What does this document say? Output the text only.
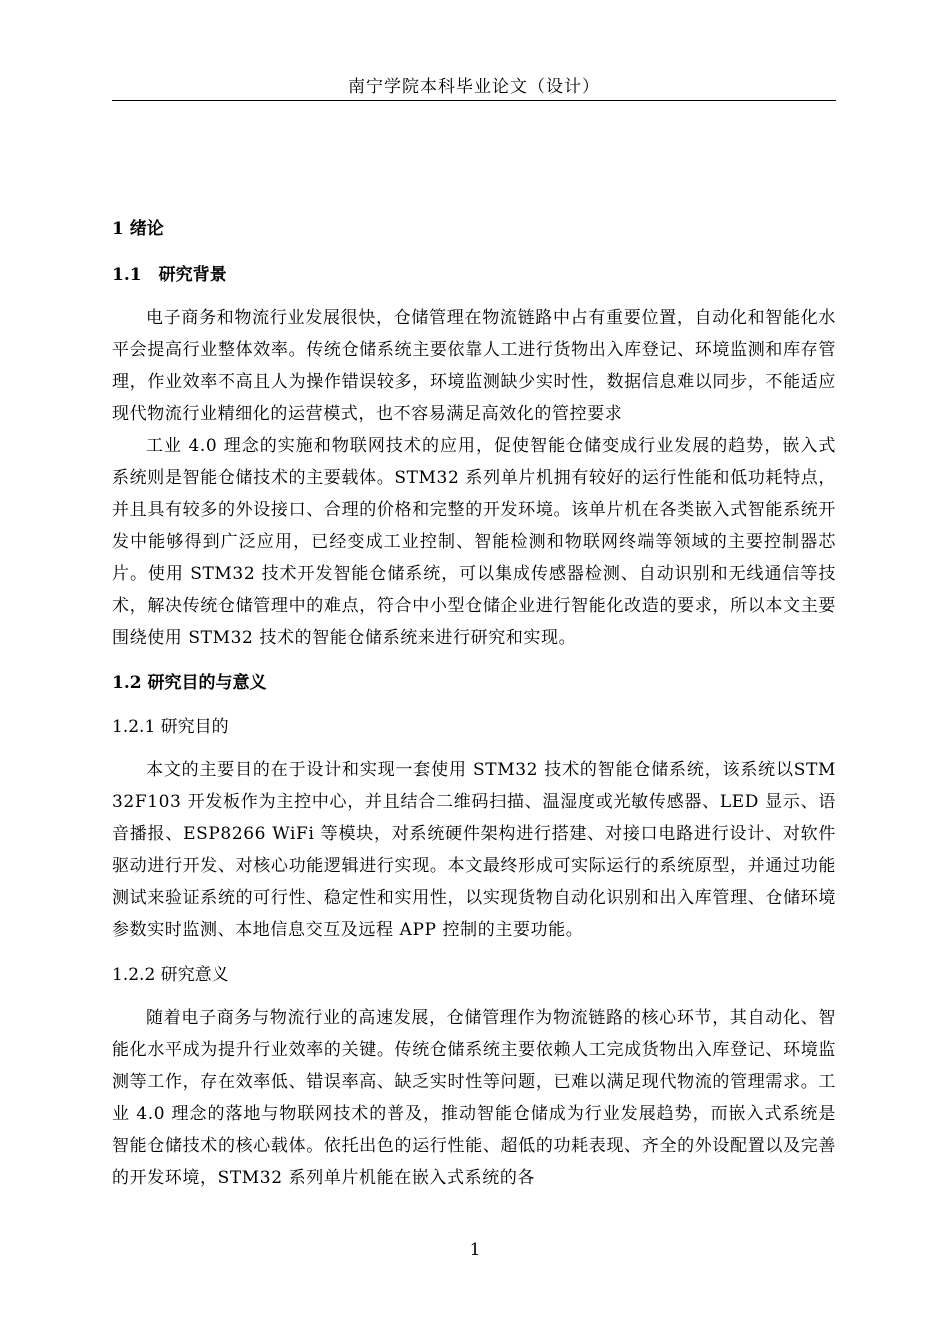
南宁学院本科毕业论文（设计）
1 绪论
1.1　研究背景

电子商务和物流行业发展很快，仓储管理在物流链路中占有重要位置，自动化和智能化水平会提高行业整体效率。传统仓储系统主要依靠人工进行货物出入库登记、环境监测和库存管理，作业效率不高且人为操作错误较多，环境监测缺少实时性，数据信息难以同步，不能适应现代物流行业精细化的运营模式，也不容易满足高效化的管控要求

工业 4.0 理念的实施和物联网技术的应用，促使智能仓储变成行业发展的趋势，嵌入式系统则是智能仓储技术的主要载体。STM32 系列单片机拥有较好的运行性能和低功耗特点，并且具有较多的外设接口、合理的价格和完整的开发环境。该单片机在各类嵌入式智能系统开发中能够得到广泛应用，已经变成工业控制、智能检测和物联网终端等领域的主要控制器芯片。使用 STM32 技术开发智能仓储系统，可以集成传感器检测、自动识别和无线通信等技术，解决传统仓储管理中的难点，符合中小型仓储企业进行智能化改造的要求，所以本文主要围绕使用 STM32 技术的智能仓储系统来进行研究和实现。

1.2 研究目的与意义
1.2.1 研究目的

本文的主要目的在于设计和实现一套使用 STM32 技术的智能仓储系统，该系统以STM32F103 开发板作为主控中心，并且结合二维码扫描、温湿度或光敏传感器、LED 显示、语音播报、ESP8266 WiFi 等模块，对系统硬件架构进行搭建、对接口电路进行设计、对软件驱动进行开发、对核心功能逻辑进行实现。本文最终形成可实际运行的系统原型，并通过功能测试来验证系统的可行性、稳定性和实用性，以实现货物自动化识别和出入库管理、仓储环境参数实时监测、本地信息交互及远程 APP 控制的主要功能。

1.2.2 研究意义

随着电子商务与物流行业的高速发展，仓储管理作为物流链路的核心环节，其自动化、智能化水平成为提升行业效率的关键。传统仓储系统主要依赖人工完成货物出入库登记、环境监测等工作，存在效率低、错误率高、缺乏实时性等问题，已难以满足现代物流的管理需求。工业 4.0 理念的落地与物联网技术的普及，推动智能仓储成为行业发展趋势，而嵌入式系统是智能仓储技术的核心载体。依托出色的运行性能、超低的功耗表现、齐全的外设配置以及完善的开发环境，STM32 系列单片机能在嵌入式系统的各

1
